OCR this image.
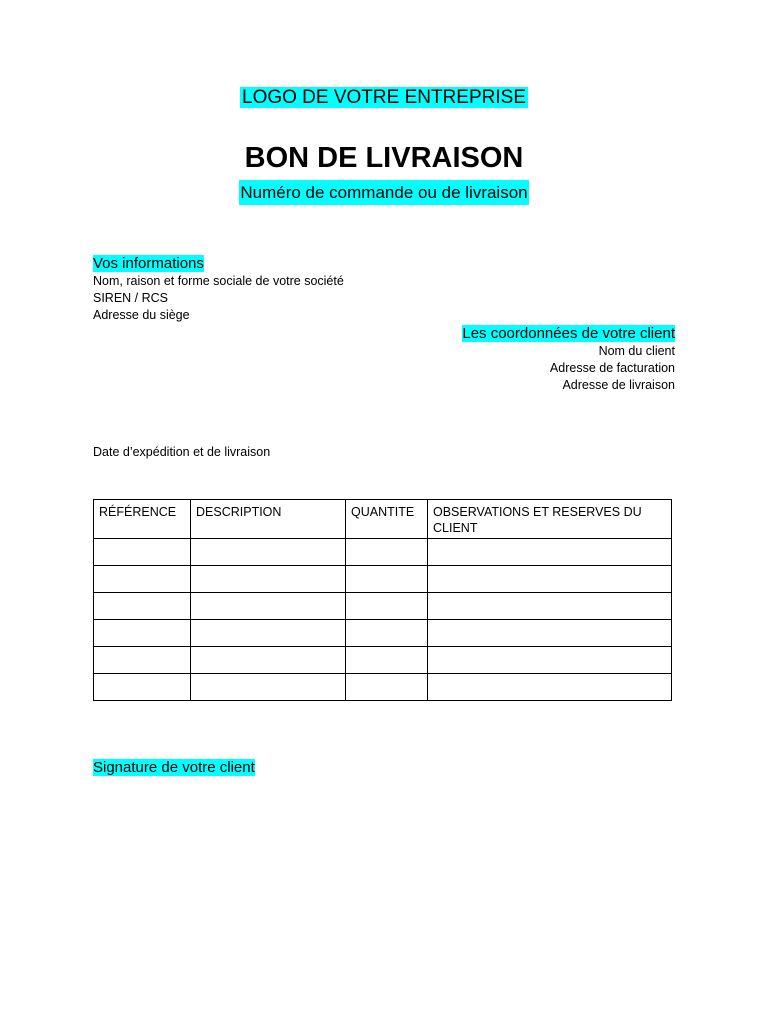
LOGO DE VOTRE ENTREPRISE
BON DE LIVRAISON
Numéro de commande ou de livraison
Vos informations
Nom, raison et forme sociale de votre société
SIREN / RCS
Adresse du siège
Les coordonnées de votre client
Nom du client
Adresse de facturation
Adresse de livraison
Date d’expédition et de livraison
RÉFÉRENCE	DESCRIPTION	QUANTITE	OBSERVATIONS ET RESERVES DU CLIENT

Signature de votre client
